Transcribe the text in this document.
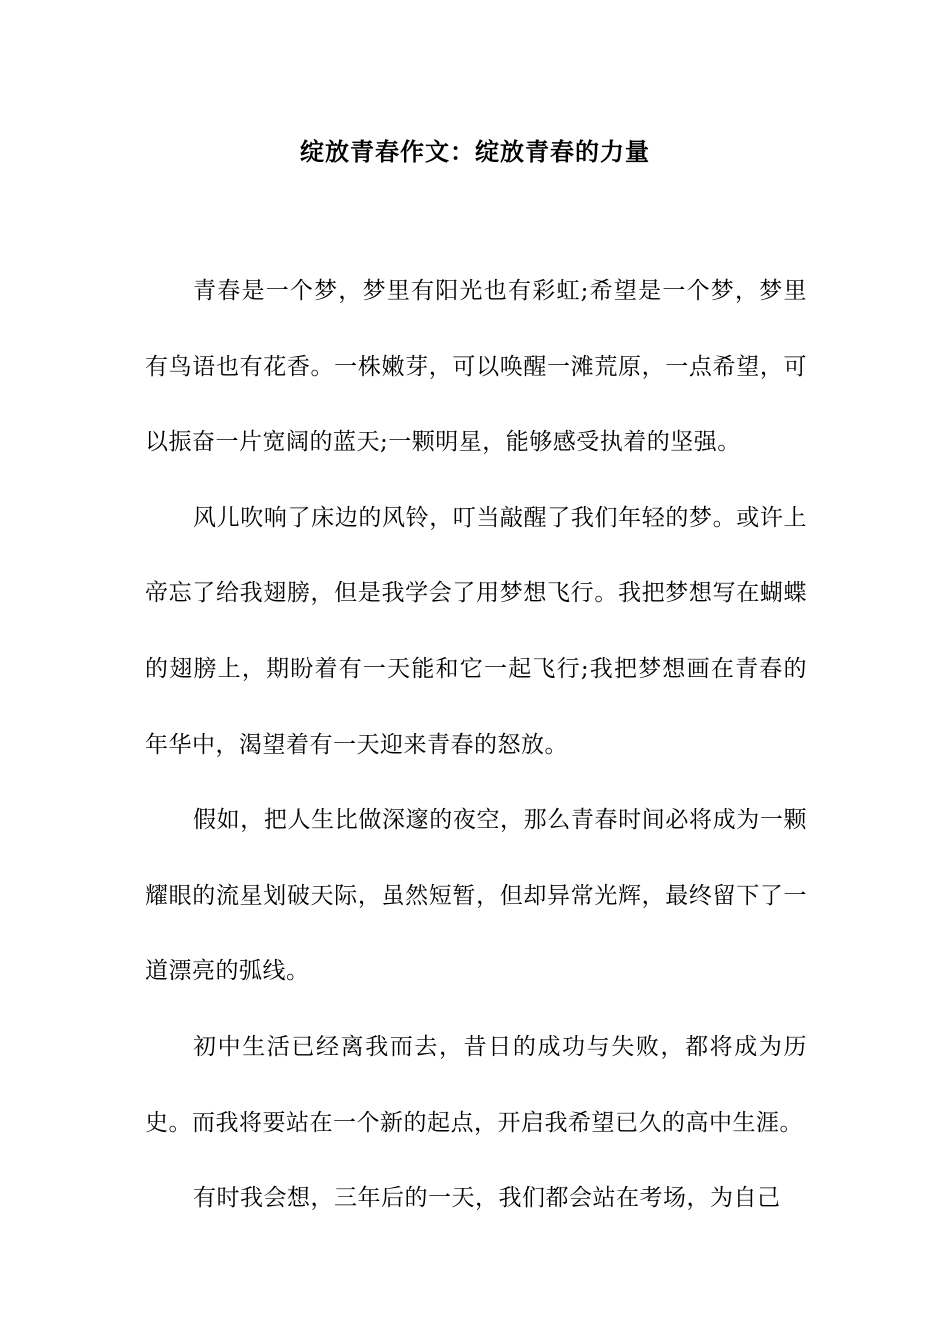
绽放青春作文：绽放青春的力量

青春是一个梦，梦里有阳光也有彩虹;希望是一个梦，梦里有鸟语也有花香。一株嫩芽，可以唤醒一滩荒原，一点希望，可以振奋一片宽阔的蓝天;一颗明星，能够感受执着的坚强。

风儿吹响了床边的风铃，叮当敲醒了我们年轻的梦。或许上帝忘了给我翅膀，但是我学会了用梦想飞行。我把梦想写在蝴蝶的翅膀上，期盼着有一天能和它一起飞行;我把梦想画在青春的年华中，渴望着有一天迎来青春的怒放。

假如，把人生比做深邃的夜空，那么青春时间必将成为一颗耀眼的流星划破天际，虽然短暂，但却异常光辉，最终留下了一道漂亮的弧线。

初中生活已经离我而去，昔日的成功与失败，都将成为历史。而我将要站在一个新的起点，开启我希望已久的高中生涯。

有时我会想，三年后的一天，我们都会站在考场，为自己
